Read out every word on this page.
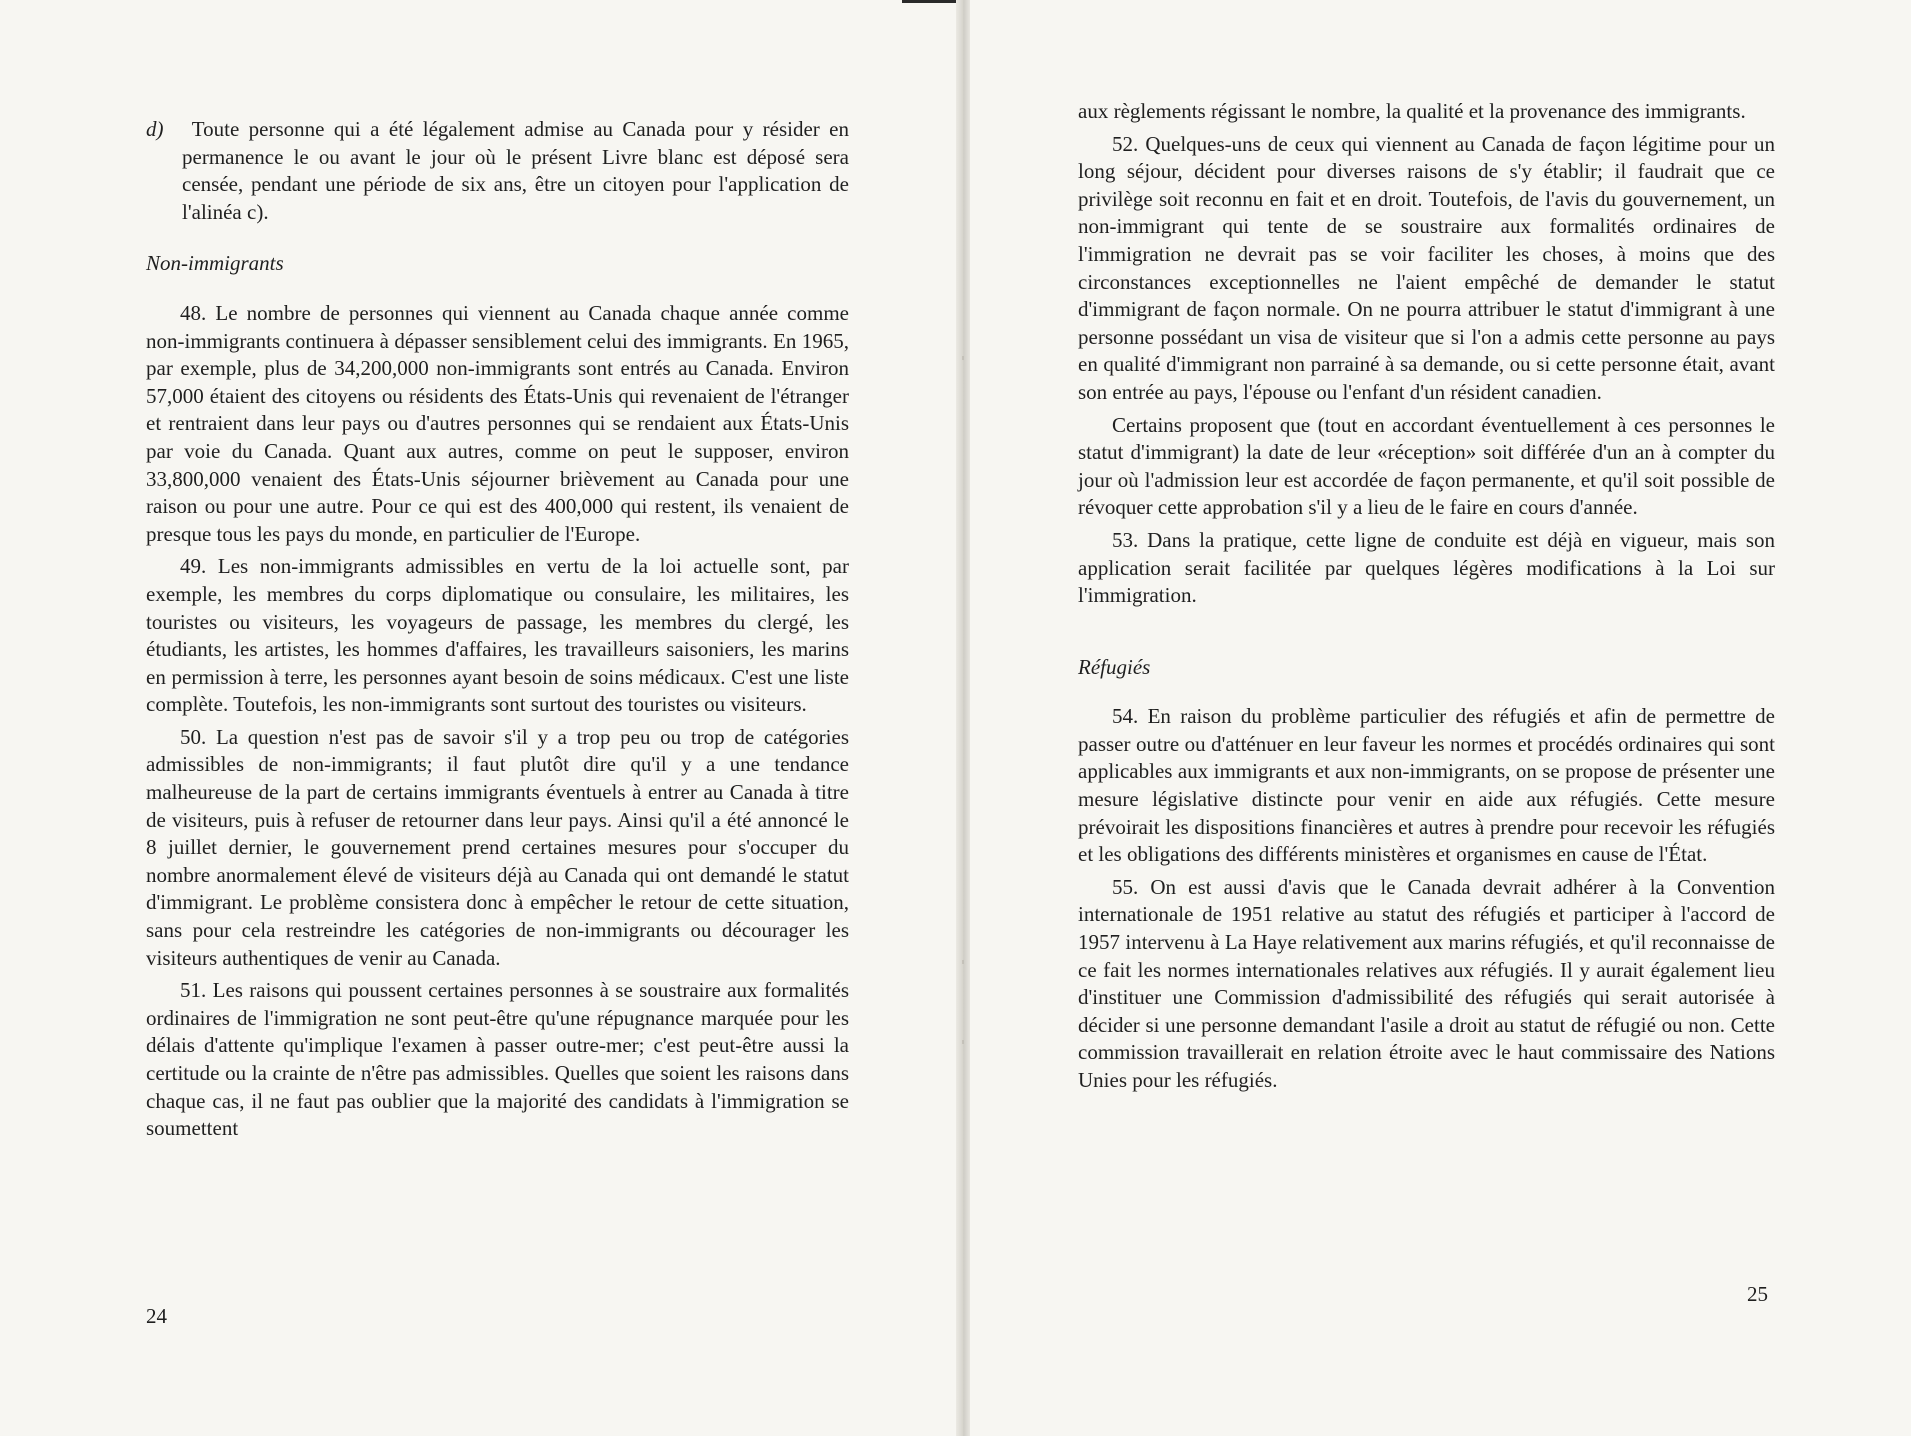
d) Toute personne qui a été légalement admise au Canada pour y résider en permanence le ou avant le jour où le présent Livre blanc est déposé sera censée, pendant une période de six ans, être un citoyen pour l'application de l'alinéa c).

Non-immigrants

48. Le nombre de personnes qui viennent au Canada chaque année comme non-immigrants continuera à dépasser sensiblement celui des immigrants. En 1965, par exemple, plus de 34,200,000 non-immigrants sont entrés au Canada. Environ 57,000 étaient des citoyens ou résidents des États-Unis qui revenaient de l'étranger et rentraient dans leur pays ou d'autres personnes qui se rendaient aux États-Unis par voie du Canada. Quant aux autres, comme on peut le supposer, environ 33,800,000 venaient des États-Unis séjourner brièvement au Canada pour une raison ou pour une autre. Pour ce qui est des 400,000 qui restent, ils venaient de presque tous les pays du monde, en particulier de l'Europe.

49. Les non-immigrants admissibles en vertu de la loi actuelle sont, par exemple, les membres du corps diplomatique ou consulaire, les militaires, les touristes ou visiteurs, les voyageurs de passage, les membres du clergé, les étudiants, les artistes, les hommes d'affaires, les travailleurs saisoniers, les marins en permission à terre, les personnes ayant besoin de soins médicaux. C'est une liste complète. Toutefois, les non-immigrants sont surtout des touristes ou visiteurs.

50. La question n'est pas de savoir s'il y a trop peu ou trop de catégories admissibles de non-immigrants; il faut plutôt dire qu'il y a une tendance malheureuse de la part de certains immigrants éventuels à entrer au Canada à titre de visiteurs, puis à refuser de retourner dans leur pays. Ainsi qu'il a été annoncé le 8 juillet dernier, le gouvernement prend certaines mesures pour s'occuper du nombre anormalement élevé de visiteurs déjà au Canada qui ont demandé le statut d'immigrant. Le problème consistera donc à empêcher le retour de cette situation, sans pour cela restreindre les catégories de non-immigrants ou décourager les visiteurs authentiques de venir au Canada.

51. Les raisons qui poussent certaines personnes à se soustraire aux formalités ordinaires de l'immigration ne sont peut-être qu'une répugnance marquée pour les délais d'attente qu'implique l'examen à passer outre-mer; c'est peut-être aussi la certitude ou la crainte de n'être pas admissibles. Quelles que soient les raisons dans chaque cas, il ne faut pas oublier que la majorité des candidats à l'immigration se soumettent

24

aux règlements régissant le nombre, la qualité et la provenance des immigrants.

52. Quelques-uns de ceux qui viennent au Canada de façon légitime pour un long séjour, décident pour diverses raisons de s'y établir; il faudrait que ce privilège soit reconnu en fait et en droit. Toutefois, de l'avis du gouvernement, un non-immigrant qui tente de se soustraire aux formalités ordinaires de l'immigration ne devrait pas se voir faciliter les choses, à moins que des circonstances exceptionnelles ne l'aient empêché de demander le statut d'immigrant de façon normale. On ne pourra attribuer le statut d'immigrant à une personne possédant un visa de visiteur que si l'on a admis cette personne au pays en qualité d'immigrant non parrainé à sa demande, ou si cette personne était, avant son entrée au pays, l'épouse ou l'enfant d'un résident canadien.

Certains proposent que (tout en accordant éventuellement à ces personnes le statut d'immigrant) la date de leur «réception» soit différée d'un an à compter du jour où l'admission leur est accordée de façon permanente, et qu'il soit possible de révoquer cette approbation s'il y a lieu de le faire en cours d'année.

53. Dans la pratique, cette ligne de conduite est déjà en vigueur, mais son application serait facilitée par quelques légères modifications à la Loi sur l'immigration.

Réfugiés

54. En raison du problème particulier des réfugiés et afin de permettre de passer outre ou d'atténuer en leur faveur les normes et procédés ordinaires qui sont applicables aux immigrants et aux non-immigrants, on se propose de présenter une mesure législative distincte pour venir en aide aux réfugiés. Cette mesure prévoirait les dispositions financières et autres à prendre pour recevoir les réfugiés et les obligations des différents ministères et organismes en cause de l'État.

55. On est aussi d'avis que le Canada devrait adhérer à la Convention internationale de 1951 relative au statut des réfugiés et participer à l'accord de 1957 intervenu à La Haye relativement aux marins réfugiés, et qu'il reconnaisse de ce fait les normes internationales relatives aux réfugiés. Il y aurait également lieu d'instituer une Commission d'admissibilité des réfugiés qui serait autorisée à décider si une personne demandant l'asile a droit au statut de réfugié ou non. Cette commission travaillerait en relation étroite avec le haut commissaire des Nations Unies pour les réfugiés.

25
